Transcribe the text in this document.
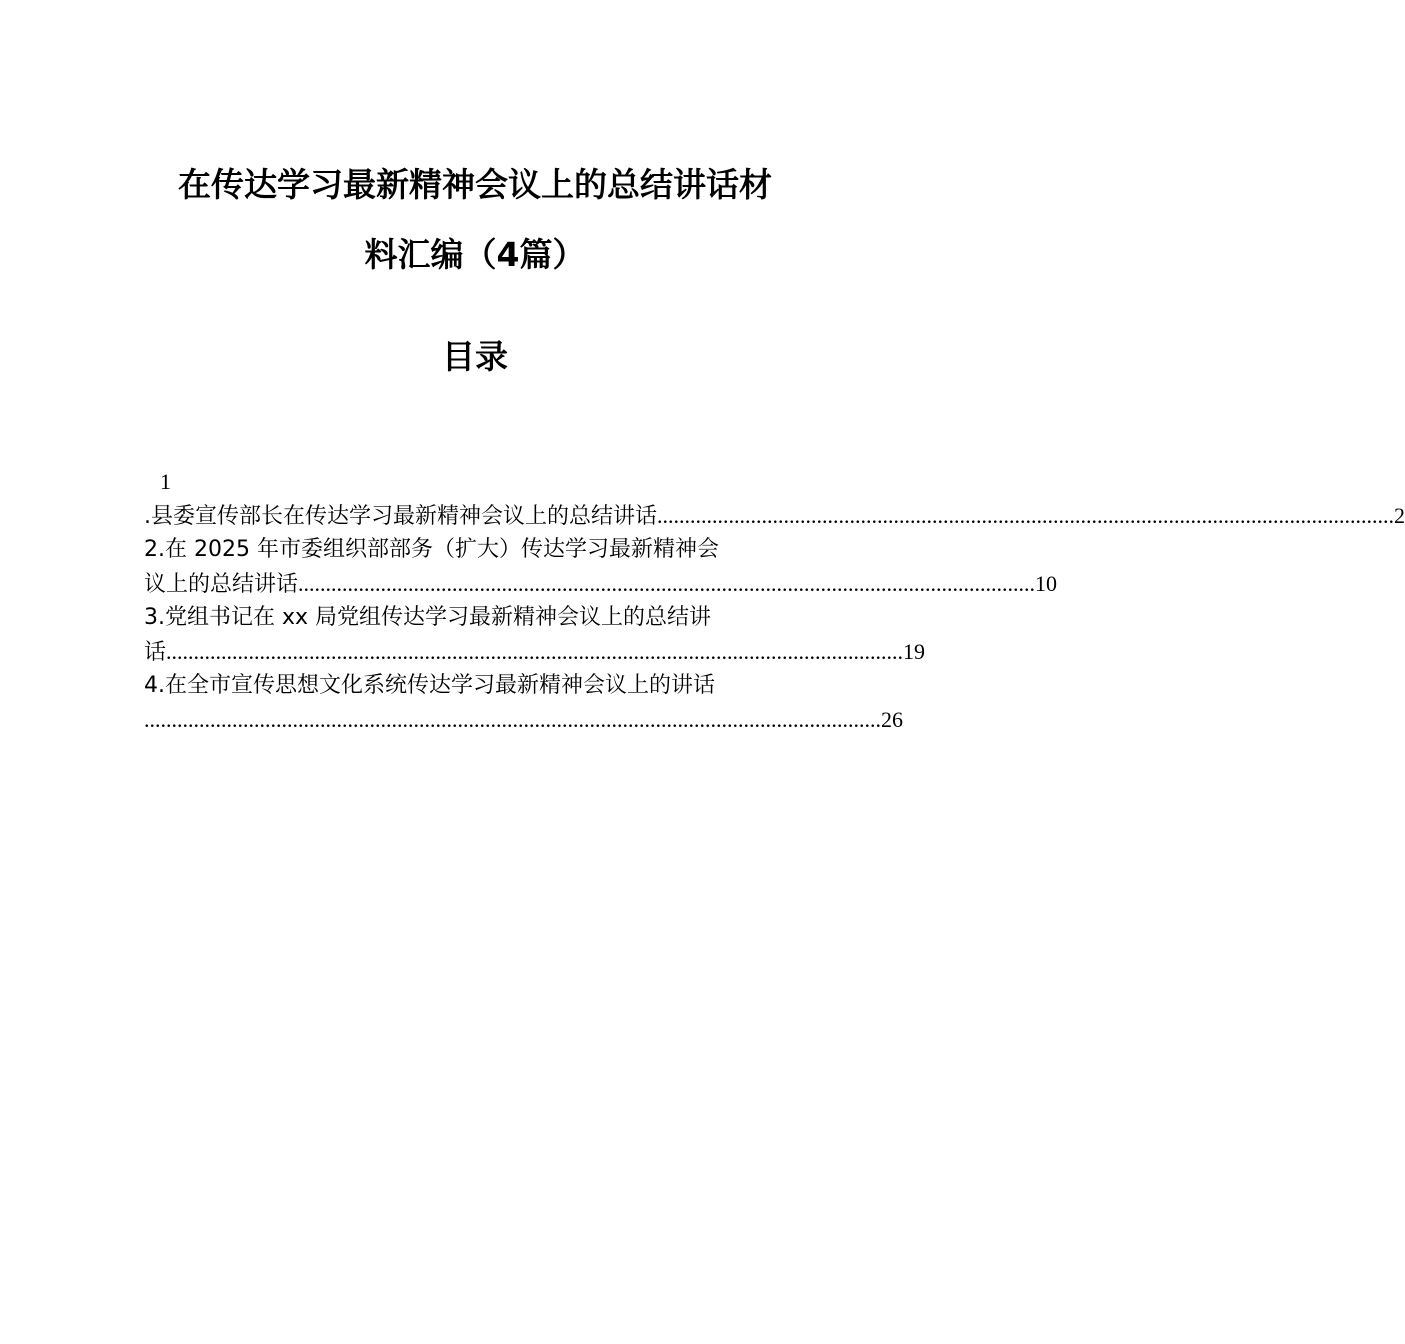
在传达学习最新精神会议上的总结讲话材
料汇编（4篇）
目录
1
.县委宣传部长在传达学习最新精神会议上的总结讲话 ...................................................................................................................................... 2
2.在 2025 年市委组织部部务（扩大）传达学习最新精神会
议上的总结讲话 ...................................................................................................................................... 10
3.党组书记在 xx 局党组传达学习最新精神会议上的总结讲
话 ...................................................................................................................................... 19
4.在全市宣传思想文化系统传达学习最新精神会议上的讲话
...................................................................................................................................... 26
